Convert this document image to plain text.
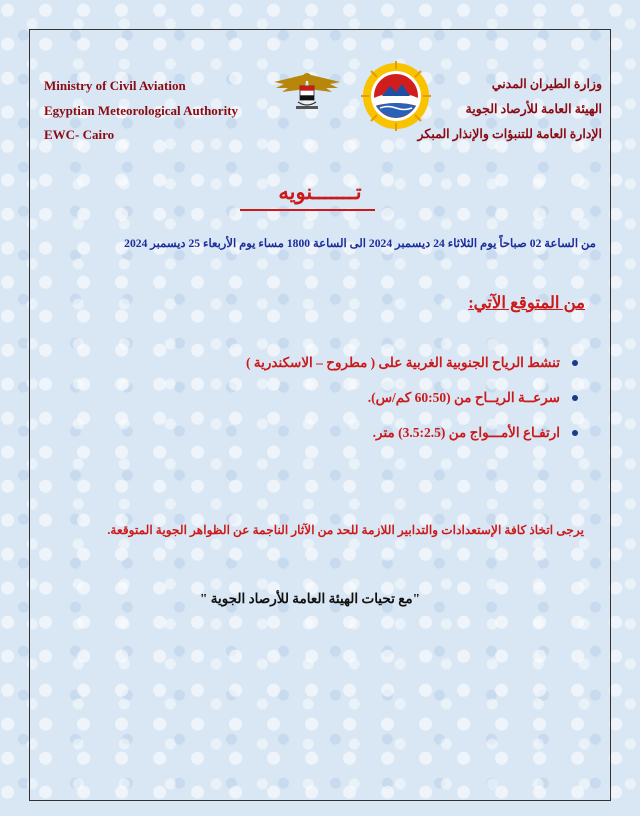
Ministry of Civil Aviation
Egyptian Meteorological Authority
EWC- Cairo
وزارة الطيران المدني
الهيئة العامة للأرصاد الجوية
الإدارة العامة للتنبؤات والإنذار المبكر
تـــــــنويه
من الساعة 02 صباحاً يوم الثلاثاء 24 ديسمبر 2024 الى الساعة 1800 مساء يوم الأربعاء 25 ديسمبر 2024
من المتوقع الآتي:
تنشط الرياح الجنوبية الغربية على ( مطروح – الاسكندرية )
سرعــة الريــاح من (60:50 كم/س).
ارتفـاع الأمـــواج من (3.5:2.5) متر.
يرجى اتخاذ كافة الإستعدادات والتدابير اللازمة للحد من الآثار الناجمة عن الظواهر الجوية المتوقعة.
"مع تحيات الهيئة العامة للأرصاد الجوية "
